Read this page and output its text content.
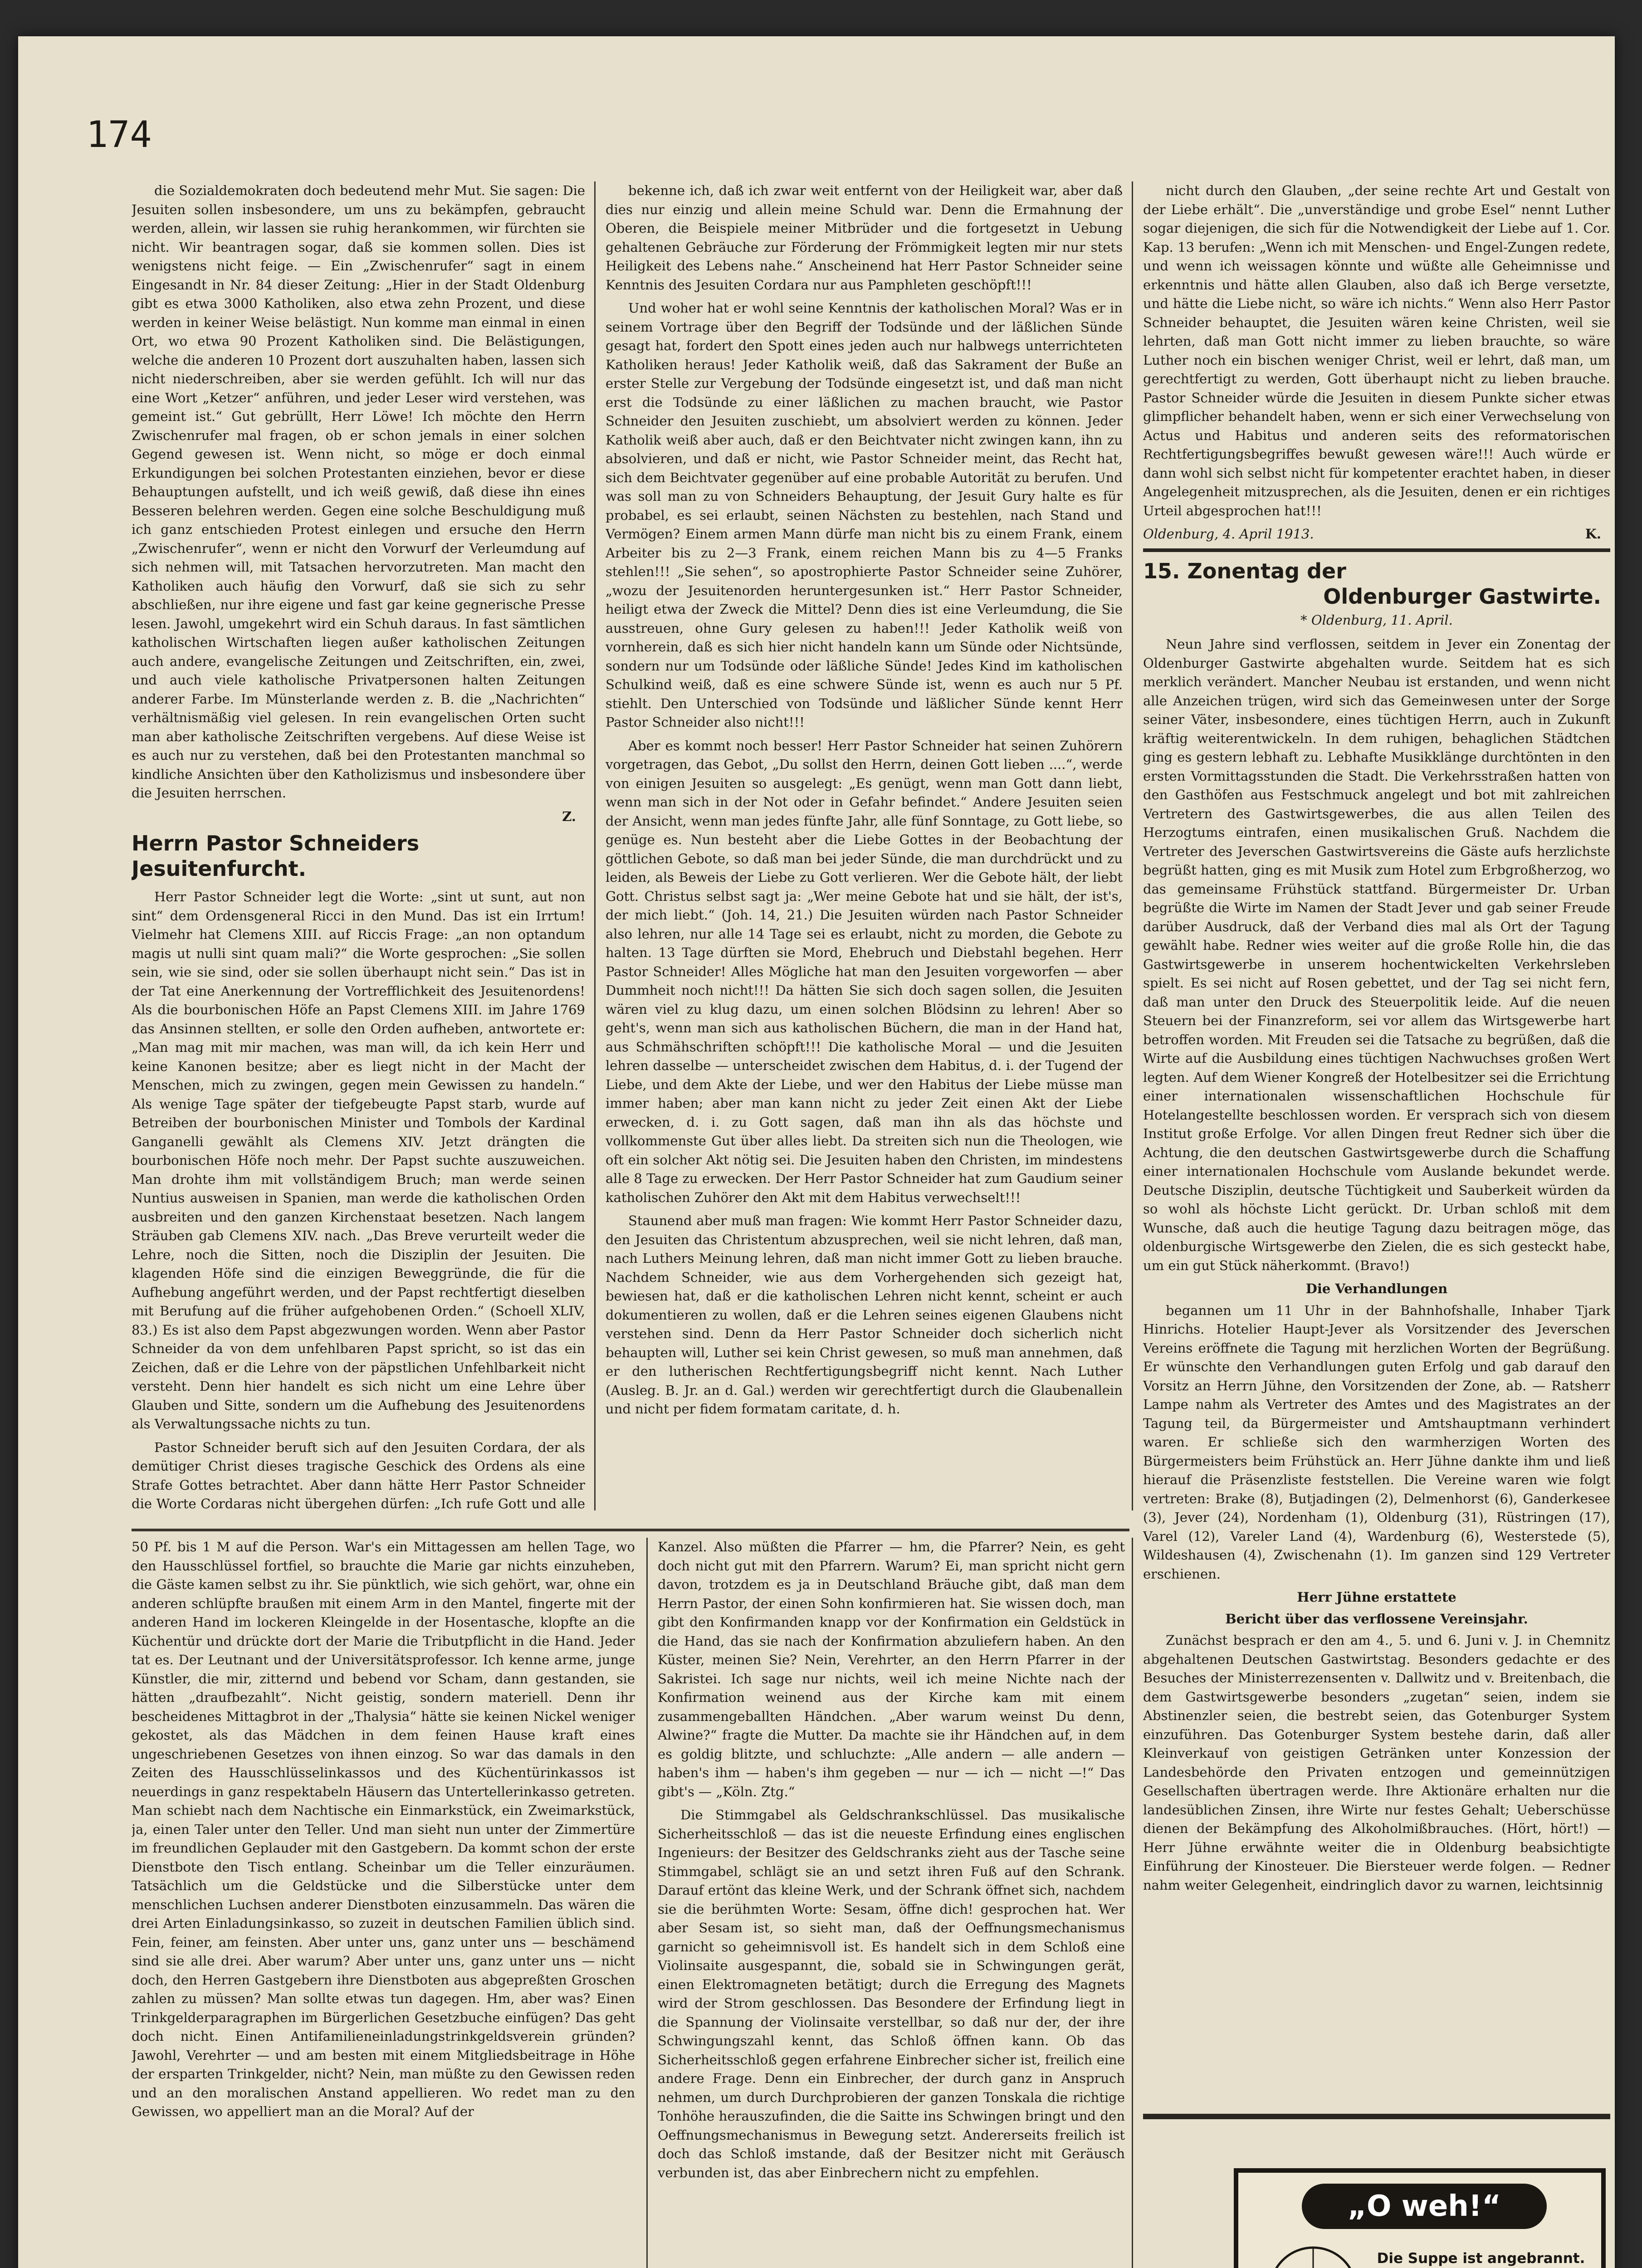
174

die Sozialdemokraten doch bedeutend mehr Mut. Sie sagen: Die Jesuiten sollen insbesondere, um uns zu bekämpfen, gebraucht werden, allein, wir lassen sie ruhig herankommen, wir fürchten sie nicht. Wir beantragen sogar, daß sie kommen sollen. Dies ist wenigstens nicht feige. — Ein „Zwischenrufer“ sagt in einem Eingesandt in Nr. 84 dieser Zeitung: „Hier in der Stadt Oldenburg gibt es etwa 3000 Katholiken, also etwa zehn Prozent, und diese werden in keiner Weise belästigt. Nun komme man einmal in einen Ort, wo etwa 90 Prozent Katholiken sind. Die Belästigungen, welche die anderen 10 Prozent dort auszuhalten haben, lassen sich nicht niederschreiben, aber sie werden gefühlt. Ich will nur das eine Wort „Ketzer“ anführen, und jeder Leser wird verstehen, was gemeint ist.“ Gut gebrüllt, Herr Löwe! Ich möchte den Herrn Zwischenrufer mal fragen, ob er schon jemals in einer solchen Gegend gewesen ist. Wenn nicht, so möge er doch einmal Erkundigungen bei solchen Protestanten einziehen, bevor er diese Behauptungen aufstellt, und ich weiß gewiß, daß diese ihn eines Besseren belehren werden. Gegen eine solche Beschuldigung muß ich ganz entschieden Protest einlegen und ersuche den Herrn „Zwischenrufer“, wenn er nicht den Vorwurf der Verleumdung auf sich nehmen will, mit Tatsachen hervorzutreten. Man macht den Katholiken auch häufig den Vorwurf, daß sie sich zu sehr abschließen, nur ihre eigene und fast gar keine gegnerische Presse lesen. Jawohl, umgekehrt wird ein Schuh daraus. In fast sämtlichen katholischen Wirtschaften liegen außer katholischen Zeitungen auch andere, evangelische Zeitungen und Zeitschriften, ein, zwei, und auch viele katholische Privatpersonen halten Zeitungen anderer Farbe. Im Münsterlande werden z. B. die „Nachrichten“ verhältnismäßig viel gelesen. In rein evangelischen Orten sucht man aber katholische Zeitschriften vergebens. Auf diese Weise ist es auch nur zu verstehen, daß bei den Protestanten manchmal so kindliche Ansichten über den Katholizismus und insbesondere über die Jesuiten herrschen.

Z.
Herrn Pastor Schneiders Jesuitenfurcht.

Herr Pastor Schneider legt die Worte: „sint ut sunt, aut non sint“ dem Ordensgeneral Ricci in den Mund. Das ist ein Irrtum! Vielmehr hat Clemens XIII. auf Riccis Frage: „an non optandum magis ut nulli sint quam mali?“ die Worte gesprochen: „Sie sollen sein, wie sie sind, oder sie sollen überhaupt nicht sein.“ Das ist in der Tat eine Anerkennung der Vortrefflichkeit des Jesuitenordens! Als die bourbonischen Höfe an Papst Clemens XIII. im Jahre 1769 das Ansinnen stellten, er solle den Orden aufheben, antwortete er: „Man mag mit mir machen, was man will, da ich kein Herr und keine Kanonen besitze; aber es liegt nicht in der Macht der Menschen, mich zu zwingen, gegen mein Gewissen zu handeln.“ Als wenige Tage später der tiefgebeugte Papst starb, wurde auf Betreiben der bourbonischen Minister und Tombols der Kardinal Ganganelli gewählt als Clemens XIV. Jetzt drängten die bourbonischen Höfe noch mehr. Der Papst suchte auszuweichen. Man drohte ihm mit vollständigem Bruch; man werde seinen Nuntius ausweisen in Spanien, man werde die katholischen Orden ausbreiten und den ganzen Kirchenstaat besetzen. Nach langem Sträuben gab Clemens XIV. nach. „Das Breve verurteilt weder die Lehre, noch die Sitten, noch die Disziplin der Jesuiten. Die klagenden Höfe sind die einzigen Beweggründe, die für die Aufhebung angeführt werden, und der Papst rechtfertigt dieselben mit Berufung auf die früher aufgehobenen Orden.“ (Schoell XLIV, 83.) Es ist also dem Papst abgezwungen worden. Wenn aber Pastor Schneider da von dem unfehlbaren Papst spricht, so ist das ein Zeichen, daß er die Lehre von der päpstlichen Unfehlbarkeit nicht versteht. Denn hier handelt es sich nicht um eine Lehre über Glauben und Sitte, sondern um die Aufhebung des Jesuitenordens als Verwaltungssache nichts zu tun.

Pastor Schneider beruft sich auf den Jesuiten Cordara, der als demütiger Christ dieses tragische Geschick des Ordens als eine Strafe Gottes betrachtet. Aber dann hätte Herr Pastor Schneider die Worte Cordaras nicht übergehen dürfen: „Ich rufe Gott und alle

bekenne ich, daß ich zwar weit entfernt von der Heiligkeit war, aber daß dies nur einzig und allein meine Schuld war. Denn die Ermahnung der Oberen, die Beispiele meiner Mitbrüder und die fortgesetzt in Uebung gehaltenen Gebräuche zur Förderung der Frömmigkeit legten mir nur stets Heiligkeit des Lebens nahe.“ Anscheinend hat Herr Pastor Schneider seine Kenntnis des Jesuiten Cordara nur aus Pamphleten geschöpft!!!

Und woher hat er wohl seine Kenntnis der katholischen Moral? Was er in seinem Vortrage über den Begriff der Todsünde und der läßlichen Sünde gesagt hat, fordert den Spott eines jeden auch nur halbwegs unterrichteten Katholiken heraus! Jeder Katholik weiß, daß das Sakrament der Buße an erster Stelle zur Vergebung der Todsünde eingesetzt ist, und daß man nicht erst die Todsünde zu einer läßlichen zu machen braucht, wie Pastor Schneider den Jesuiten zuschiebt, um absolviert werden zu können. Jeder Katholik weiß aber auch, daß er den Beichtvater nicht zwingen kann, ihn zu absolvieren, und daß er nicht, wie Pastor Schneider meint, das Recht hat, sich dem Beichtvater gegenüber auf eine probable Autorität zu berufen. Und was soll man zu von Schneiders Behauptung, der Jesuit Gury halte es für probabel, es sei erlaubt, seinen Nächsten zu bestehlen, nach Stand und Vermögen? Einem armen Mann dürfe man nicht bis zu einem Frank, einem Arbeiter bis zu 2—3 Frank, einem reichen Mann bis zu 4—5 Franks stehlen!!! „Sie sehen“, so apostrophierte Pastor Schneider seine Zuhörer, „wozu der Jesuitenorden heruntergesunken ist.“ Herr Pastor Schneider, heiligt etwa der Zweck die Mittel? Denn dies ist eine Verleumdung, die Sie ausstreuen, ohne Gury gelesen zu haben!!! Jeder Katholik weiß von vornherein, daß es sich hier nicht handeln kann um Sünde oder Nichtsünde, sondern nur um Todsünde oder läßliche Sünde! Jedes Kind im katholischen Schulkind weiß, daß es eine schwere Sünde ist, wenn es auch nur 5 Pf. stiehlt. Den Unterschied von Todsünde und läßlicher Sünde kennt Herr Pastor Schneider also nicht!!!

Aber es kommt noch besser! Herr Pastor Schneider hat seinen Zuhörern vorgetragen, das Gebot, „Du sollst den Herrn, deinen Gott lieben ....“, werde von einigen Jesuiten so ausgelegt: „Es genügt, wenn man Gott dann liebt, wenn man sich in der Not oder in Gefahr befindet.“ Andere Jesuiten seien der Ansicht, wenn man jedes fünfte Jahr, alle fünf Sonntage, zu Gott liebe, so genüge es. Nun besteht aber die Liebe Gottes in der Beobachtung der göttlichen Gebote, so daß man bei jeder Sünde, die man durchdrückt und zu leiden, als Beweis der Liebe zu Gott verlieren. Wer die Gebote hält, der liebt Gott. Christus selbst sagt ja: „Wer meine Gebote hat und sie hält, der ist's, der mich liebt.“ (Joh. 14, 21.) Die Jesuiten würden nach Pastor Schneider also lehren, nur alle 14 Tage sei es erlaubt, nicht zu morden, die Gebote zu halten. 13 Tage dürften sie Mord, Ehebruch und Diebstahl begehen. Herr Pastor Schneider! Alles Mögliche hat man den Jesuiten vorgeworfen — aber Dummheit noch nicht!!! Da hätten Sie sich doch sagen sollen, die Jesuiten wären viel zu klug dazu, um einen solchen Blödsinn zu lehren! Aber so geht's, wenn man sich aus katholischen Büchern, die man in der Hand hat, aus Schmähschriften schöpft!!! Die katholische Moral — und die Jesuiten lehren dasselbe — unterscheidet zwischen dem Habitus, d. i. der Tugend der Liebe, und dem Akte der Liebe, und wer den Habitus der Liebe müsse man immer haben; aber man kann nicht zu jeder Zeit einen Akt der Liebe erwecken, d. i. zu Gott sagen, daß man ihn als das höchste und vollkommenste Gut über alles liebt. Da streiten sich nun die Theologen, wie oft ein solcher Akt nötig sei. Die Jesuiten haben den Christen, im mindestens alle 8 Tage zu erwecken. Der Herr Pastor Schneider hat zum Gaudium seiner katholischen Zuhörer den Akt mit dem Habitus verwechselt!!!

Staunend aber muß man fragen: Wie kommt Herr Pastor Schneider dazu, den Jesuiten das Christentum abzusprechen, weil sie nicht lehren, daß man, nach Luthers Meinung lehren, daß man nicht immer Gott zu lieben brauche. Nachdem Schneider, wie aus dem Vorhergehenden sich gezeigt hat, bewiesen hat, daß er die katholischen Lehren nicht kennt, scheint er auch dokumentieren zu wollen, daß er die Lehren seines eigenen Glaubens nicht verstehen sind. Denn da Herr Pastor Schneider doch sicherlich nicht behaupten will, Luther sei kein Christ gewesen, so muß man annehmen, daß er den lutherischen Rechtfertigungsbegriff nicht kennt. Nach Luther (Ausleg. B. Jr. an d. Gal.) werden wir gerechtfertigt durch die Glaubenallein und nicht per fidem formatam caritate, d. h.

nicht durch den Glauben, „der seine rechte Art und Gestalt von der Liebe erhält“. Die „unverständige und grobe Esel“ nennt Luther sogar diejenigen, die sich für die Notwendigkeit der Liebe auf 1. Cor. Kap. 13 berufen: „Wenn ich mit Menschen- und Engel-Zungen redete, und wenn ich weissagen könnte und wüßte alle Geheimnisse und erkenntnis und hätte allen Glauben, also daß ich Berge versetzte, und hätte die Liebe nicht, so wäre ich nichts.“ Wenn also Herr Pastor Schneider behauptet, die Jesuiten wären keine Christen, weil sie lehrten, daß man Gott nicht immer zu lieben brauchte, so wäre Luther noch ein bischen weniger Christ, weil er lehrt, daß man, um gerechtfertigt zu werden, Gott überhaupt nicht zu lieben brauche. Pastor Schneider würde die Jesuiten in diesem Punkte sicher etwas glimpflicher behandelt haben, wenn er sich einer Verwechselung von Actus und Habitus und anderen seits des reformatorischen Rechtfertigungsbegriffes bewußt gewesen wäre!!! Auch würde er dann wohl sich selbst nicht für kompetenter erachtet haben, in dieser Angelegenheit mitzusprechen, als die Jesuiten, denen er ein richtiges Urteil abgesprochen hat!!!

Oldenburg, 4. April 1913.	K.
15. Zonentag der
Oldenburger Gastwirte.
* Oldenburg, 11. April.

Neun Jahre sind verflossen, seitdem in Jever ein Zonentag der Oldenburger Gastwirte abgehalten wurde. Seitdem hat es sich merklich verändert. Mancher Neubau ist erstanden, und wenn nicht alle Anzeichen trügen, wird sich das Gemeinwesen unter der Sorge seiner Väter, insbesondere, eines tüchtigen Herrn, auch in Zukunft kräftig weiterentwickeln. In dem ruhigen, behaglichen Städtchen ging es gestern lebhaft zu. Lebhafte Musikklänge durchtönten in den ersten Vormittagsstunden die Stadt. Die Verkehrsstraßen hatten von den Gasthöfen aus Festschmuck angelegt und bot mit zahlreichen Vertretern des Gastwirtsgewerbes, die aus allen Teilen des Herzogtums eintrafen, einen musikalischen Gruß. Nachdem die Vertreter des Jeverschen Gastwirtsvereins die Gäste aufs herzlichste begrüßt hatten, ging es mit Musik zum Hotel zum Erbgroßherzog, wo das gemeinsame Frühstück stattfand. Bürgermeister Dr. Urban begrüßte die Wirte im Namen der Stadt Jever und gab seiner Freude darüber Ausdruck, daß der Verband dies mal als Ort der Tagung gewählt habe. Redner wies weiter auf die große Rolle hin, die das Gastwirtsgewerbe in unserem hochentwickelten Verkehrsleben spielt. Es sei nicht auf Rosen gebettet, und der Tag sei nicht fern, daß man unter den Druck des Steuerpolitik leide. Auf die neuen Steuern bei der Finanzreform, sei vor allem das Wirtsgewerbe hart betroffen worden. Mit Freuden sei die Tatsache zu begrüßen, daß die Wirte auf die Ausbildung eines tüchtigen Nachwuchses großen Wert legten. Auf dem Wiener Kongreß der Hotelbesitzer sei die Errichtung einer internationalen wissenschaftlichen Hochschule für Hotelangestellte beschlossen worden. Er versprach sich von diesem Institut große Erfolge. Vor allen Dingen freut Redner sich über die Achtung, die den deutschen Gastwirtsgewerbe durch die Schaffung einer internationalen Hochschule vom Auslande bekundet werde. Deutsche Disziplin, deutsche Tüchtigkeit und Sauberkeit würden da so wohl als höchste Licht gerückt. Dr. Urban schloß mit dem Wunsche, daß auch die heutige Tagung dazu beitragen möge, das oldenburgische Wirtsgewerbe den Zielen, die es sich gesteckt habe, um ein gut Stück näherkommt. (Bravo!)

Die Verhandlungen

begannen um 11 Uhr in der Bahnhofshalle, Inhaber Tjark Hinrichs. Hotelier Haupt-Jever als Vorsitzender des Jeverschen Vereins eröffnete die Tagung mit herzlichen Worten der Begrüßung. Er wünschte den Verhandlungen guten Erfolg und gab darauf den Vorsitz an Herrn Jühne, den Vorsitzenden der Zone, ab. — Ratsherr Lampe nahm als Vertreter des Amtes und des Magistrates an der Tagung teil, da Bürgermeister und Amtshauptmann verhindert waren. Er schließe sich den warmherzigen Worten des Bürgermeisters beim Frühstück an. Herr Jühne dankte ihm und ließ hierauf die Präsenzliste feststellen. Die Vereine waren wie folgt vertreten: Brake (8), Butjadingen (2), Delmenhorst (6), Ganderkesee (3), Jever (24), Nordenham (1), Oldenburg (31), Rüstringen (17), Varel (12), Vareler Land (4), Wardenburg (6), Westerstede (5), Wildeshausen (4), Zwischenahn (1). Im ganzen sind 129 Vertreter erschienen.

Herr Jühne erstattete
Bericht über das verflossene Vereinsjahr.

Zunächst besprach er den am 4., 5. und 6. Juni v. J. in Chemnitz abgehaltenen Deutschen Gastwirtstag. Besonders gedachte er des Besuches der Ministerrezensenten v. Dallwitz und v. Breitenbach, die dem Gastwirtsgewerbe besonders „zugetan“ seien, indem sie Abstinenzler seien, die bestrebt seien, das Gotenburger System einzuführen. Das Gotenburger System bestehe darin, daß aller Kleinverkauf von geistigen Getränken unter Konzession der Landesbehörde den Privaten entzogen und gemeinnützigen Gesellschaften übertragen werde. Ihre Aktionäre erhalten nur die landesüblichen Zinsen, ihre Wirte nur festes Gehalt; Ueberschüsse dienen der Bekämpfung des Alkoholmißbrauches. (Hört, hört!) — Herr Jühne erwähnte weiter die in Oldenburg beabsichtigte Einführung der Kinosteuer. Die Biersteuer werde folgen. — Redner nahm weiter Gelegenheit, eindringlich davor zu warnen, leichtsinnig

50 Pf. bis 1 M auf die Person. War's ein Mittagessen am hellen Tage, wo den Hausschlüssel fortfiel, so brauchte die Marie gar nichts einzuheben, die Gäste kamen selbst zu ihr. Sie pünktlich, wie sich gehört, war, ohne ein anderen schlüpfte braußen mit einem Arm in den Mantel, fingerte mit der anderen Hand im lockeren Kleingelde in der Hosentasche, klopfte an die Küchentür und drückte dort der Marie die Tributpflicht in die Hand. Jeder tat es. Der Leutnant und der Universitätsprofessor. Ich kenne arme, junge Künstler, die mir, zitternd und bebend vor Scham, dann gestanden, sie hätten „draufbezahlt“. Nicht geistig, sondern materiell. Denn ihr bescheidenes Mittagbrot in der „Thalysia“ hätte sie keinen Nickel weniger gekostet, als das Mädchen in dem feinen Hause kraft eines ungeschriebenen Gesetzes von ihnen einzog. So war das damals in den Zeiten des Hausschlüsselinkassos und des Küchentürinkassos ist neuerdings in ganz respektabeln Häusern das Untertellerinkasso getreten. Man schiebt nach dem Nachtische ein Einmarkstück, ein Zweimarkstück, ja, einen Taler unter den Teller. Und man sieht nun unter der Zimmertüre im freundlichen Geplauder mit den Gastgebern. Da kommt schon der erste Dienstbote den Tisch entlang. Scheinbar um die Teller einzuräumen. Tatsächlich um die Geldstücke und die Silberstücke unter dem menschlichen Luchsen anderer Dienstboten einzusammeln. Das wären die drei Arten Einladungsinkasso, so zuzeit in deutschen Familien üblich sind. Fein, feiner, am feinsten. Aber unter uns, ganz unter uns — beschämend sind sie alle drei. Aber warum? Aber unter uns, ganz unter uns — nicht doch, den Herren Gastgebern ihre Dienstboten aus abgepreßten Groschen zahlen zu müssen? Man sollte etwas tun dagegen. Hm, aber was? Einen Trinkgelderparagraphen im Bürgerlichen Gesetzbuche einfügen? Das geht doch nicht. Einen Antifamilieneinladungstrinkgeldsverein gründen? Jawohl, Verehrter — und am besten mit einem Mitgliedsbeitrage in Höhe der ersparten Trinkgelder, nicht? Nein, man müßte zu den Gewissen reden und an den moralischen Anstand appellieren. Wo redet man zu den Gewissen, wo appelliert man an die Moral? Auf der

Kanzel. Also müßten die Pfarrer — hm, die Pfarrer? Nein, es geht doch nicht gut mit den Pfarrern. Warum? Ei, man spricht nicht gern davon, trotzdem es ja in Deutschland Bräuche gibt, daß man dem Herrn Pastor, der einen Sohn konfirmieren hat. Sie wissen doch, man gibt den Konfirmanden knapp vor der Konfirmation ein Geldstück in die Hand, das sie nach der Konfirmation abzuliefern haben. An den Küster, meinen Sie? Nein, Verehrter, an den Herrn Pfarrer in der Sakristei. Ich sage nur nichts, weil ich meine Nichte nach der Konfirmation weinend aus der Kirche kam mit einem zusammengeballten Händchen. „Aber warum weinst Du denn, Alwine?“ fragte die Mutter. Da machte sie ihr Händchen auf, in dem es goldig blitzte, und schluchzte: „Alle andern — alle andern — haben's ihm — haben's ihm gegeben — nur — ich — nicht —!“ Das gibt's — „Köln. Ztg.“

Die Stimmgabel als Geldschrankschlüssel. Das musikalische Sicherheitsschloß — das ist die neueste Erfindung eines englischen Ingenieurs: der Besitzer des Geldschranks zieht aus der Tasche seine Stimmgabel, schlägt sie an und setzt ihren Fuß auf den Schrank. Darauf ertönt das kleine Werk, und der Schrank öffnet sich, nachdem sie die berühmten Worte: Sesam, öffne dich! gesprochen hat. Wer aber Sesam ist, so sieht man, daß der Oeffnungsmechanismus garnicht so geheimnisvoll ist. Es handelt sich in dem Schloß eine Violinsaite ausgespannt, die, sobald sie in Schwingungen gerät, einen Elektromagneten betätigt; durch die Erregung des Magnets wird der Strom geschlossen. Das Besondere der Erfindung liegt in die Spannung der Violinsaite verstellbar, so daß nur der, der ihre Schwingungszahl kennt, das Schloß öffnen kann. Ob das Sicherheitsschloß gegen erfahrene Einbrecher sicher ist, freilich eine andere Frage. Denn ein Einbrecher, der durch ganz in Anspruch nehmen, um durch Durchprobieren der ganzen Tonskala die richtige Tonhöhe herauszufinden, die die Saitte ins Schwingen bringt und den Oeffnungsmechanismus in Bewegung setzt. Andererseits freilich ist doch das Schloß imstande, daß der Besitzer nicht mit Geräusch verbunden ist, das aber Einbrechern nicht zu empfehlen.

„O weh!“
Die Suppe ist angebrannt.
